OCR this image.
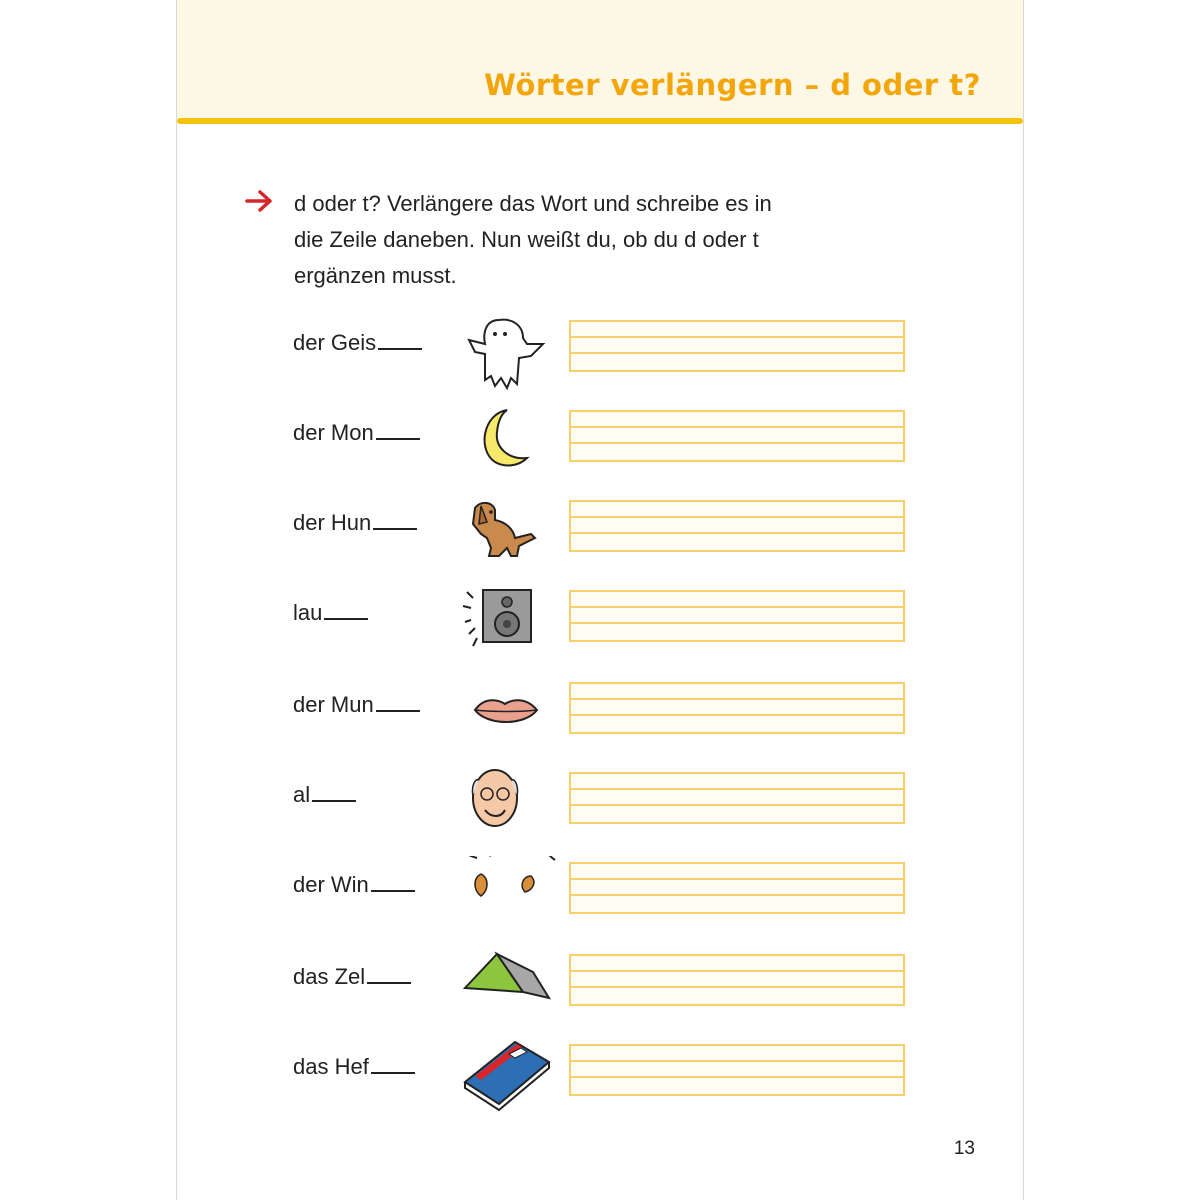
Wörter verlängern – d oder t?
d oder t? Verlängere das Wort und schreibe es in
die Zeile daneben. Nun weißt du, ob du d oder t
ergänzen musst.
der Geis
der Mon
der Hun
lau
der Mun
al
der Win
das Zel
das Hef
13
